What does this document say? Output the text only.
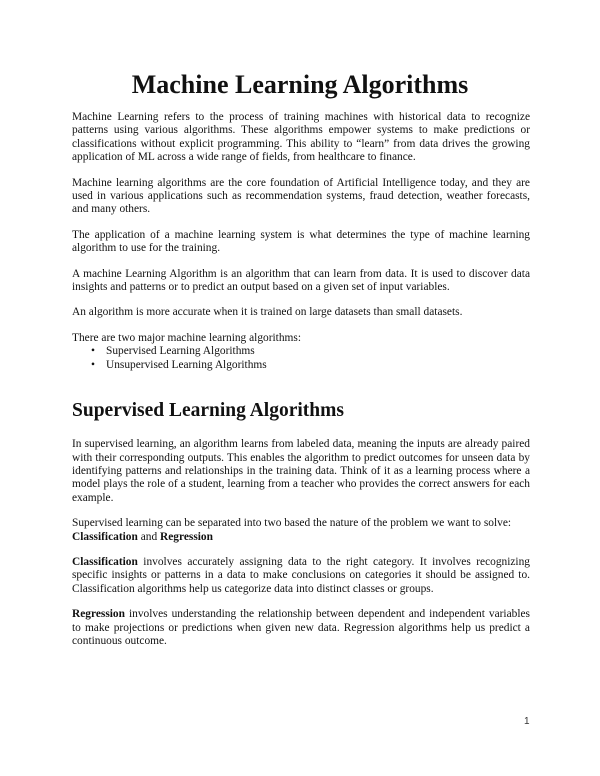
Machine Learning Algorithms

Machine Learning refers to the process of training machines with historical data to recognize patterns using various algorithms. These algorithms empower systems to make predictions or classifications without explicit programming. This ability to “learn” from data drives the growing application of ML across a wide range of fields, from healthcare to finance.

Machine learning algorithms are the core foundation of Artificial Intelligence today, and they are used in various applications such as recommendation systems, fraud detection, weather forecasts, and many others.

The application of a machine learning system is what determines the type of machine learning algorithm to use for the training.

A machine Learning Algorithm is an algorithm that can learn from data. It is used to discover data insights and patterns or to predict an output based on a given set of input variables.

An algorithm is more accurate when it is trained on large datasets than small datasets.

There are two major machine learning algorithms:

• Supervised Learning Algorithms
• Unsupervised Learning Algorithms
Supervised Learning Algorithms

In supervised learning, an algorithm learns from labeled data, meaning the inputs are already paired with their corresponding outputs. This enables the algorithm to predict outcomes for unseen data by identifying patterns and relationships in the training data. Think of it as a learning process where a model plays the role of a student, learning from a teacher who provides the correct answers for each example.

Supervised learning can be separated into two based the nature of the problem we want to solve:
Classification and Regression

Classification involves accurately assigning data to the right category. It involves recognizing specific insights or patterns in a data to make conclusions on categories it should be assigned to. Classification algorithms help us categorize data into distinct classes or groups.

Regression involves understanding the relationship between dependent and independent variables to make projections or predictions when given new data. Regression algorithms help us predict a continuous outcome.

1
